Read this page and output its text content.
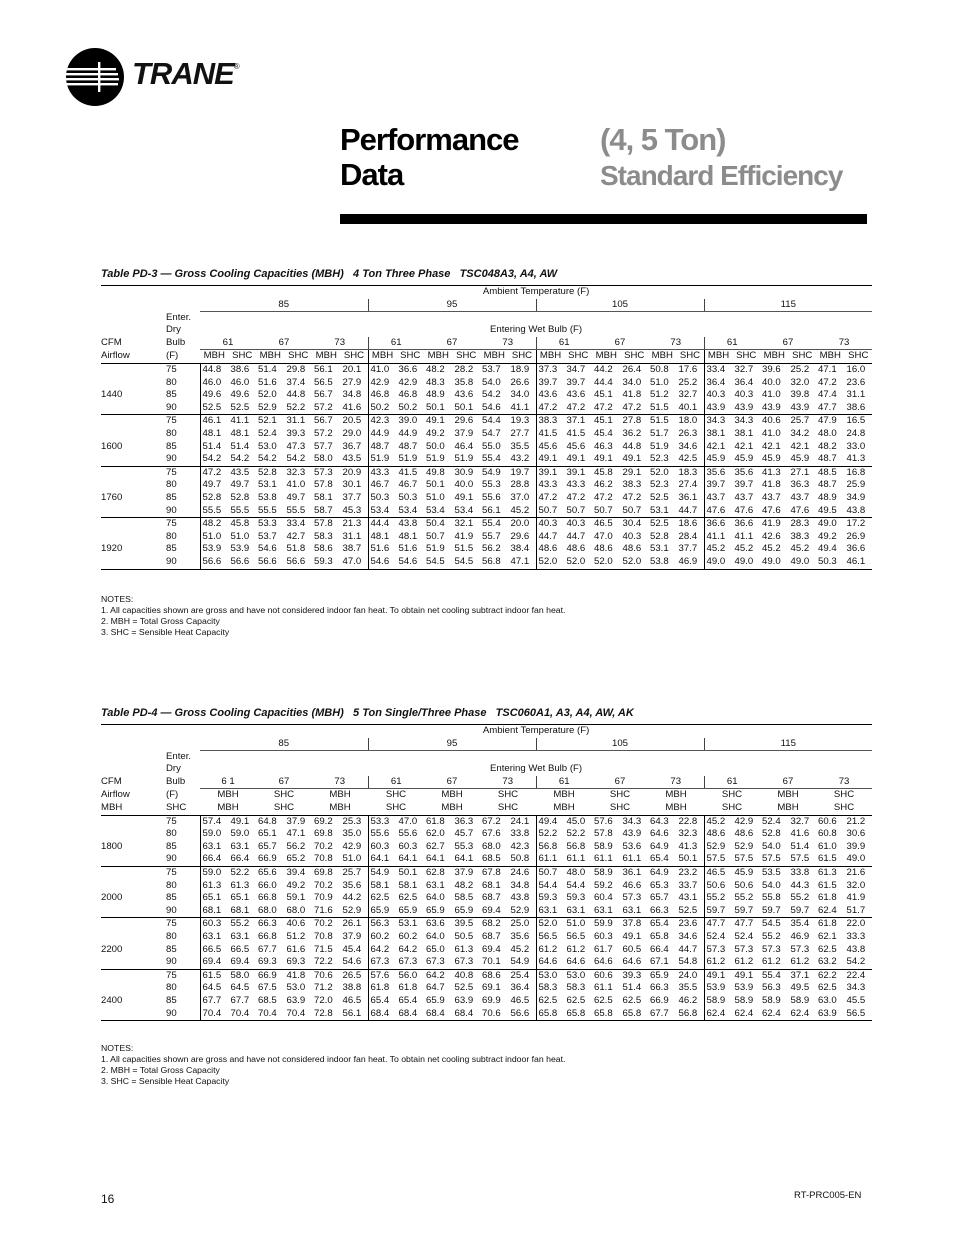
TRANE®
Performance
Data
(4, 5 Ton)
Standard Efficiency
Table PD-3 — Gross Cooling Capacities (MBH)   4 Ton Three Phase   TSC048A3, A4, AW
		Ambient Temperature (F)																							
		85						95						105						115					
	Enter.																								
	Dry	Entering Wet Bulb (F)																							
CFM	Bulb	61		67		73		61		67		73		61		67		73		61		67		73	
Airflow	(F)	MBH	SHC	MBH	SHC	MBH	SHC	MBH	SHC	MBH	SHC	MBH	SHC	MBH	SHC	MBH	SHC	MBH	SHC	MBH	SHC	MBH	SHC	MBH	SHC
	75	44.8	38.6	51.4	29.8	56.1	20.1	41.0	36.6	48.2	28.2	53.7	18.9	37.3	34.7	44.2	26.4	50.8	17.6	33.4	32.7	39.6	25.2	47.1	16.0
1440	80	46.0	46.0	51.6	37.4	56.5	27.9	42.9	42.9	48.3	35.8	54.0	26.6	39.7	39.7	44.4	34.0	51.0	25.2	36.4	36.4	40.0	32.0	47.2	23.6
	85	49.6	49.6	52.0	44.8	56.7	34.8	46.8	46.8	48.9	43.6	54.2	34.0	43.6	43.6	45.1	41.8	51.2	32.7	40.3	40.3	41.0	39.8	47.4	31.1
	90	52.5	52.5	52.9	52.2	57.2	41.6	50.2	50.2	50.1	50.1	54.6	41.1	47.2	47.2	47.2	47.2	51.5	40.1	43.9	43.9	43.9	43.9	47.7	38.6
	75	46.1	41.1	52.1	31.1	56.7	20.5	42.3	39.0	49.1	29.6	54.4	19.3	38.3	37.1	45.1	27.8	51.5	18.0	34.3	34.3	40.6	25.7	47.9	16.5
1600	80	48.1	48.1	52.4	39.3	57.2	29.0	44.9	44.9	49.2	37.9	54.7	27.7	41.5	41.5	45.4	36.2	51.7	26.3	38.1	38.1	41.0	34.2	48.0	24.8
	85	51.4	51.4	53.0	47.3	57.7	36.7	48.7	48.7	50.0	46.4	55.0	35.5	45.6	45.6	46.3	44.8	51.9	34.6	42.1	42.1	42.1	42.1	48.2	33.0
	90	54.2	54.2	54.2	54.2	58.0	43.5	51.9	51.9	51.9	51.9	55.4	43.2	49.1	49.1	49.1	49.1	52.3	42.5	45.9	45.9	45.9	45.9	48.7	41.3
	75	47.2	43.5	52.8	32.3	57.3	20.9	43.3	41.5	49.8	30.9	54.9	19.7	39.1	39.1	45.8	29.1	52.0	18.3	35.6	35.6	41.3	27.1	48.5	16.8
1760	80	49.7	49.7	53.1	41.0	57.8	30.1	46.7	46.7	50.1	40.0	55.3	28.8	43.3	43.3	46.2	38.3	52.3	27.4	39.7	39.7	41.8	36.3	48.7	25.9
	85	52.8	52.8	53.8	49.7	58.1	37.7	50.3	50.3	51.0	49.1	55.6	37.0	47.2	47.2	47.2	47.2	52.5	36.1	43.7	43.7	43.7	43.7	48.9	34.9
	90	55.5	55.5	55.5	55.5	58.7	45.3	53.4	53.4	53.4	53.4	56.1	45.2	50.7	50.7	50.7	50.7	53.1	44.7	47.6	47.6	47.6	47.6	49.5	43.8
	75	48.2	45.8	53.3	33.4	57.8	21.3	44.4	43.8	50.4	32.1	55.4	20.0	40.3	40.3	46.5	30.4	52.5	18.6	36.6	36.6	41.9	28.3	49.0	17.2
1920	80	51.0	51.0	53.7	42.7	58.3	31.1	48.1	48.1	50.7	41.9	55.7	29.6	44.7	44.7	47.0	40.3	52.8	28.4	41.1	41.1	42.6	38.3	49.2	26.9
	85	53.9	53.9	54.6	51.8	58.6	38.7	51.6	51.6	51.9	51.5	56.2	38.4	48.6	48.6	48.6	48.6	53.1	37.7	45.2	45.2	45.2	45.2	49.4	36.6
	90	56.6	56.6	56.6	56.6	59.3	47.0	54.6	54.6	54.5	54.5	56.8	47.1	52.0	52.0	52.0	52.0	53.8	46.9	49.0	49.0	49.0	49.0	50.3	46.1
NOTES:
1. All capacities shown are gross and have not considered indoor fan heat. To obtain net cooling subtract indoor fan heat.
2. MBH = Total Gross Capacity
3. SHC = Sensible Heat Capacity
Table PD-4 — Gross Cooling Capacities (MBH)   5 Ton Single/Three Phase   TSC060A1, A3, A4, AW, AK
		Ambient Temperature (F)																								
		85						95						105						115						
	Enter.																									
	Dry	Entering Wet Bulb (F)																								
CFM	Bulb	6 1		67		73		61		67		73		61		67		73		61		67		73		
Airflow	(F)	MBH		SHC		MBH		SHC		MBH		SHC		MBH		SHC		MBH		SHC		MBH		SHC		
MBH	SHC	MBH		SHC		MBH		SHC		MBH		SHC		MBH		SHC		MBH		SHC		MBH		SHC		
	75	57.4	49.1	64.8	37.9	69.2	25.3	53.3	47.0	61.8	36.3	67.2	24.1	49.4	45.0	57.6	34.3	64.3	22.8	45.2	42.9	52.4	32.7	60.6	21.2	
1800	80	59.0	59.0	65.1	47.1	69.8	35.0	55.6	55.6	62.0	45.7	67.6	33.8	52.2	52.2	57.8	43.9	64.6	32.3	48.6	48.6	52.8	41.6	60.8	30.6	
	85	63.1	63.1	65.7	56.2	70.2	42.9	60.3	60.3	62.7	55.3	68.0	42.3	56.8	56.8	58.9	53.6	64.9	41.3	52.9	52.9	54.0	51.4	61.0	39.9	
	90	66.4	66.4	66.9	65.2	70.8	51.0	64.1	64.1	64.1	64.1	68.5	50.8	61.1	61.1	61.1	61.1	65.4	50.1	57.5	57.5	57.5	57.5	61.5	49.0	
	75	59.0	52.2	65.6	39.4	69.8	25.7	54.9	50.1	62.8	37.9	67.8	24.6	50.7	48.0	58.9	36.1	64.9	23.2	46.5	45.9	53.5	33.8	61.3	21.6	
2000	80	61.3	61.3	66.0	49.2	70.2	35.6	58.1	58.1	63.1	48.2	68.1	34.8	54.4	54.4	59.2	46.6	65.3	33.7	50.6	50.6	54.0	44.3	61.5	32.0	
	85	65.1	65.1	66.8	59.1	70.9	44.2	62.5	62.5	64.0	58.5	68.7	43.8	59.3	59.3	60.4	57.3	65.7	43.1	55.2	55.2	55.8	55.2	61.8	41.9	
	90	68.1	68.1	68.0	68.0	71.6	52.9	65.9	65.9	65.9	65.9	69.4	52.9	63.1	63.1	63.1	63.1	66.3	52.5	59.7	59.7	59.7	59.7	62.4	51.7	
	75	60.3	55.2	66.3	40.6	70.2	26.1	56.3	53.1	63.6	39.5	68.2	25.0	52.0	51.0	59.9	37.8	65.4	23.6	47.7	47.7	54.5	35.4	61.8	22.0	
2200	80	63.1	63.1	66.8	51.2	70.8	37.9	60.2	60.2	64.0	50.5	68.7	35.6	56.5	56.5	60.3	49.1	65.8	34.6	52.4	52.4	55.2	46.9	62.1	33.3	
	85	66.5	66.5	67.7	61.6	71.5	45.4	64.2	64.2	65.0	61.3	69.4	45.2	61.2	61.2	61.7	60.5	66.4	44.7	57.3	57.3	57.3	57.3	62.5	43.8	
	90	69.4	69.4	69.3	69.3	72.2	54.6	67.3	67.3	67.3	67.3	70.1	54.9	64.6	64.6	64.6	64.6	67.1	54.8	61.2	61.2	61.2	61.2	63.2	54.2	
	75	61.5	58.0	66.9	41.8	70.6	26.5	57.6	56.0	64.2	40.8	68.6	25.4	53.0	53.0	60.6	39.3	65.9	24.0	49.1	49.1	55.4	37.1	62.2	22.4	
2400	80	64.5	64.5	67.5	53.0	71.2	38.8	61.8	61.8	64.7	52.5	69.1	36.4	58.3	58.3	61.1	51.4	66.3	35.5	53.9	53.9	56.3	49.5	62.5	34.3	
	85	67.7	67.7	68.5	63.9	72.0	46.5	65.4	65.4	65.9	63.9	69.9	46.5	62.5	62.5	62.5	62.5	66.9	46.2	58.9	58.9	58.9	58.9	63.0	45.5	
	90	70.4	70.4	70.4	70.4	72.8	56.1	68.4	68.4	68.4	68.4	70.6	56.6	65.8	65.8	65.8	65.8	67.7	56.8	62.4	62.4	62.4	62.4	63.9	56.5	
NOTES:
1. All capacities shown are gross and have not considered indoor fan heat. To obtain net cooling subtract indoor fan heat.
2. MBH = Total Gross Capacity
3. SHC = Sensible Heat Capacity
16	RT-PRC005-EN
